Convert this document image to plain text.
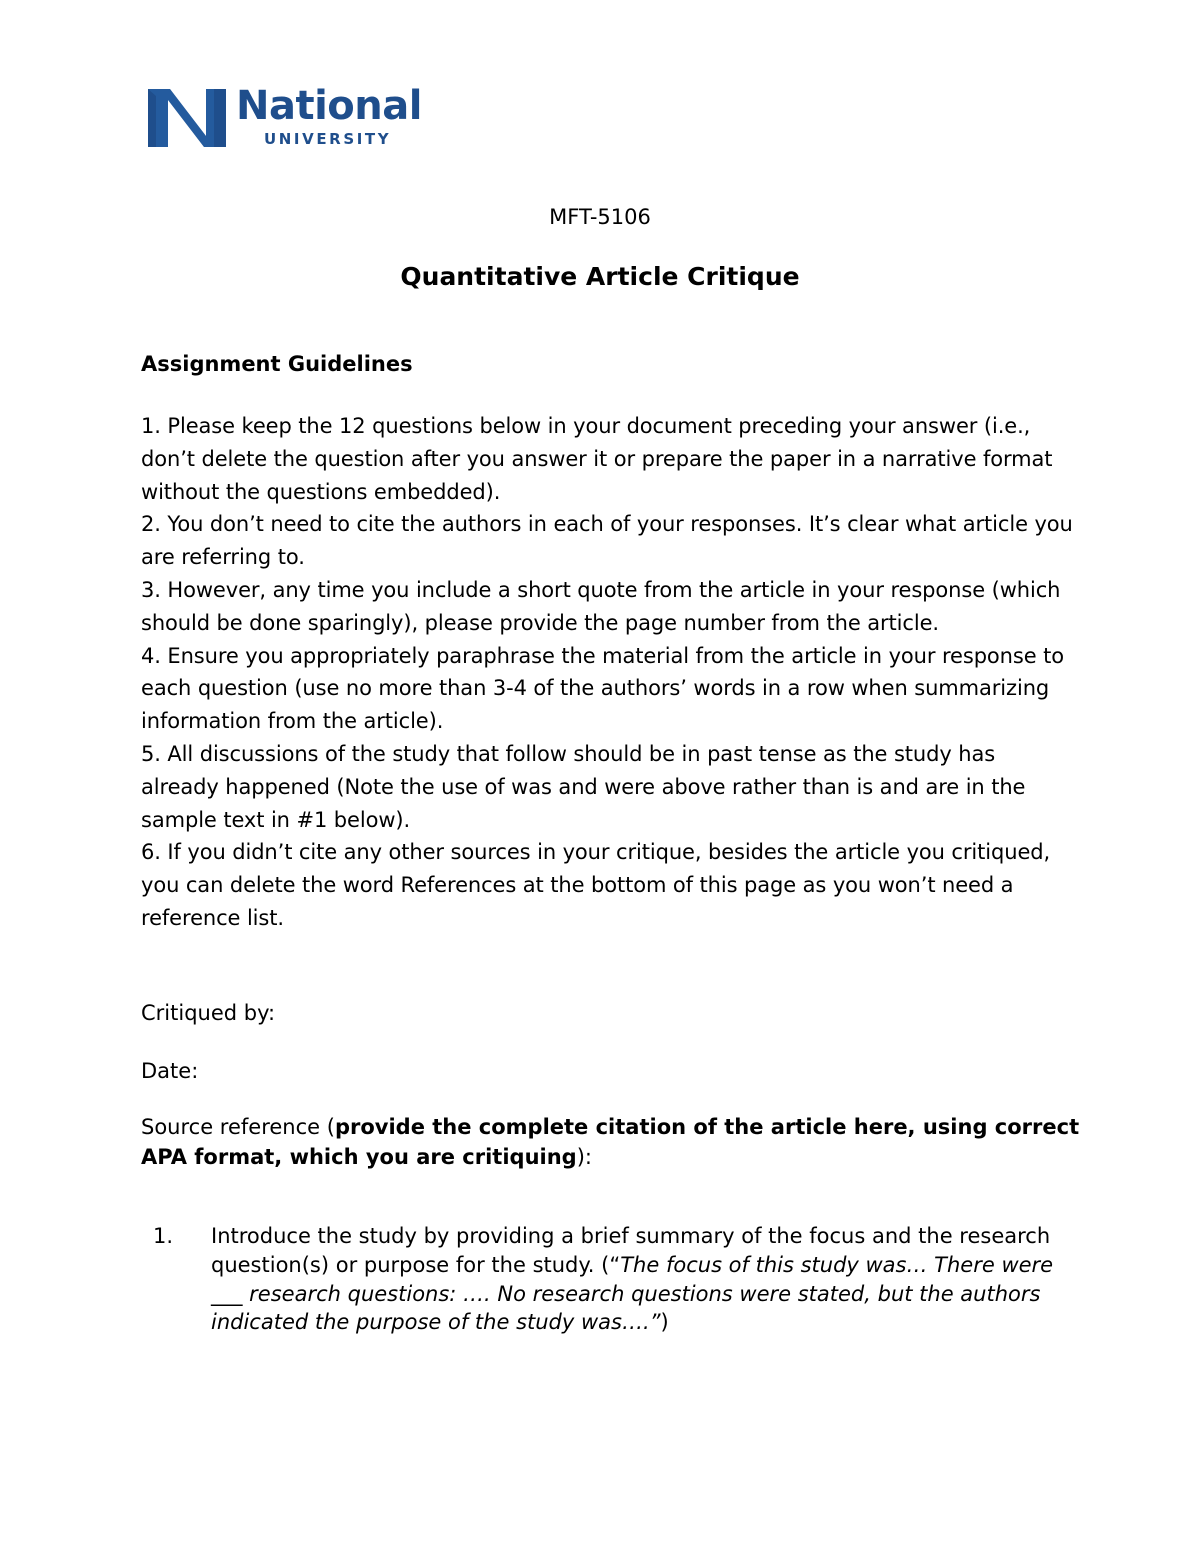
National
UNIVERSITY
MFT-5106
Quantitative Article Critique
Assignment Guidelines

1. Please keep the 12 questions below in your document preceding your answer (i.e., don’t delete the question after you answer it or prepare the paper in a narrative format without the questions embedded).

2. You don’t need to cite the authors in each of your responses. It’s clear what article you are referring to.

3. However, any time you include a short quote from the article in your response (which should be done sparingly), please provide the page number from the article.

4. Ensure you appropriately paraphrase the material from the article in your response to each question (use no more than 3-4 of the authors’ words in a row when summarizing information from the article).

5. All discussions of the study that follow should be in past tense as the study has already happened (Note the use of was and were above rather than is and are in the sample text in #1 below).

6. If you didn’t cite any other sources in your critique, besides the article you critiqued, you can delete the word References at the bottom of this page as you won’t need a reference list.

Critiqued by:
Date:
Source reference (provide the complete citation of the article here, using correct APA format, which you are critiquing):
1. Introduce the study by providing a brief summary of the focus and the research question(s) or purpose for the study. (“The focus of this study was… There were ___ research questions: …. No research questions were stated, but the authors indicated the purpose of the study was….”)
